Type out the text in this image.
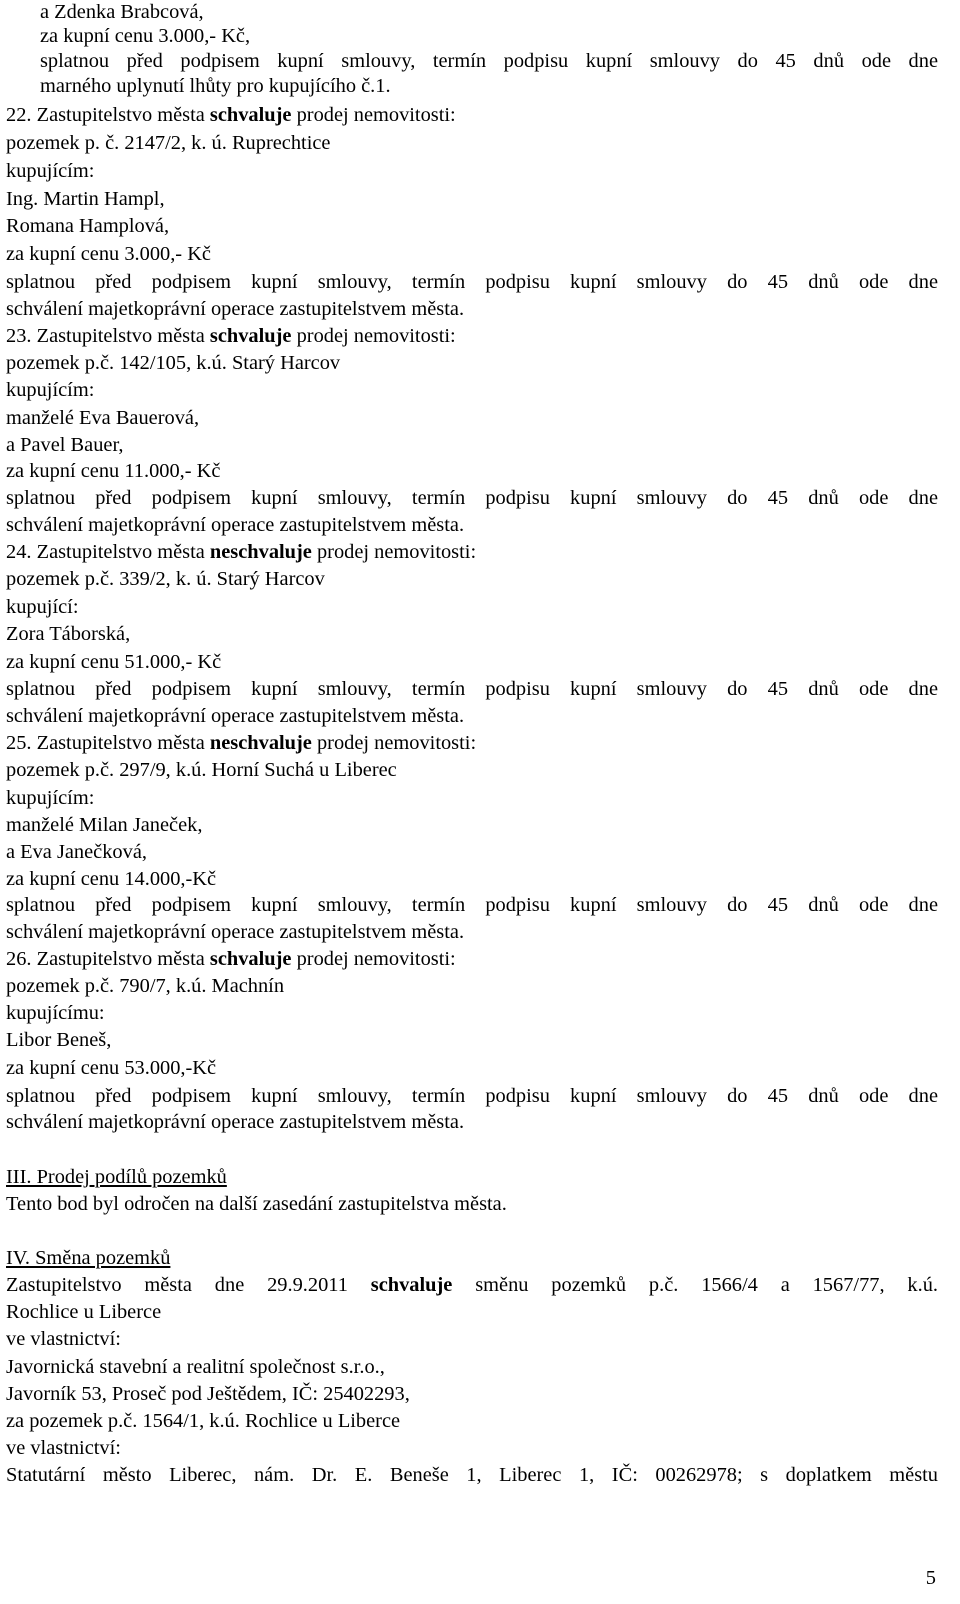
a Zdenka Brabcová,
za kupní cenu 3.000,- Kč,
splatnou před podpisem kupní smlouvy, termín podpisu kupní smlouvy do 45 dnů ode dne
marného uplynutí lhůty pro kupujícího č.1.
22. Zastupitelstvo města schvaluje prodej nemovitosti:
pozemek p. č. 2147/2, k. ú. Ruprechtice
kupujícím:
Ing. Martin Hampl,
Romana Hamplová,
za kupní cenu 3.000,- Kč
splatnou před podpisem kupní smlouvy, termín podpisu kupní smlouvy do 45 dnů ode dne
schválení majetkoprávní operace zastupitelstvem města.
23. Zastupitelstvo města schvaluje prodej nemovitosti:
pozemek p.č. 142/105, k.ú. Starý Harcov
kupujícím:
manželé Eva Bauerová,
a Pavel Bauer,
za kupní cenu 11.000,- Kč
splatnou před podpisem kupní smlouvy, termín podpisu kupní smlouvy do 45 dnů ode dne
schválení majetkoprávní operace zastupitelstvem města.
24. Zastupitelstvo města neschvaluje prodej nemovitosti:
pozemek p.č. 339/2, k. ú. Starý Harcov
kupující:
Zora Táborská,
za kupní cenu 51.000,- Kč
splatnou před podpisem kupní smlouvy, termín podpisu kupní smlouvy do 45 dnů ode dne
schválení majetkoprávní operace zastupitelstvem města.
25. Zastupitelstvo města neschvaluje prodej nemovitosti:
pozemek p.č. 297/9, k.ú. Horní Suchá u Liberec
kupujícím:
manželé Milan Janeček,
a Eva Janečková,
za kupní cenu 14.000,-Kč
splatnou před podpisem kupní smlouvy, termín podpisu kupní smlouvy do 45 dnů ode dne
schválení majetkoprávní operace zastupitelstvem města.
26. Zastupitelstvo města schvaluje prodej nemovitosti:
pozemek p.č. 790/7, k.ú. Machnín
kupujícímu:
Libor Beneš,
za kupní cenu 53.000,-Kč
splatnou před podpisem kupní smlouvy, termín podpisu kupní smlouvy do 45 dnů ode dne
schválení majetkoprávní operace zastupitelstvem města.
III. Prodej podílů pozemků
Tento bod byl odročen na další zasedání zastupitelstva města.
IV. Směna pozemků
Zastupitelstvo města dne 29.9.2011 schvaluje směnu pozemků p.č. 1566/4 a 1567/77, k.ú.
Rochlice u Liberce
ve vlastnictví:
Javornická stavební a realitní společnost s.r.o.,
Javorník 53, Proseč pod Ještědem, IČ: 25402293,
za pozemek p.č. 1564/1, k.ú. Rochlice u Liberce
ve vlastnictví:
Statutární město Liberec, nám. Dr. E. Beneše 1, Liberec 1, IČ: 00262978; s doplatkem městu
5
